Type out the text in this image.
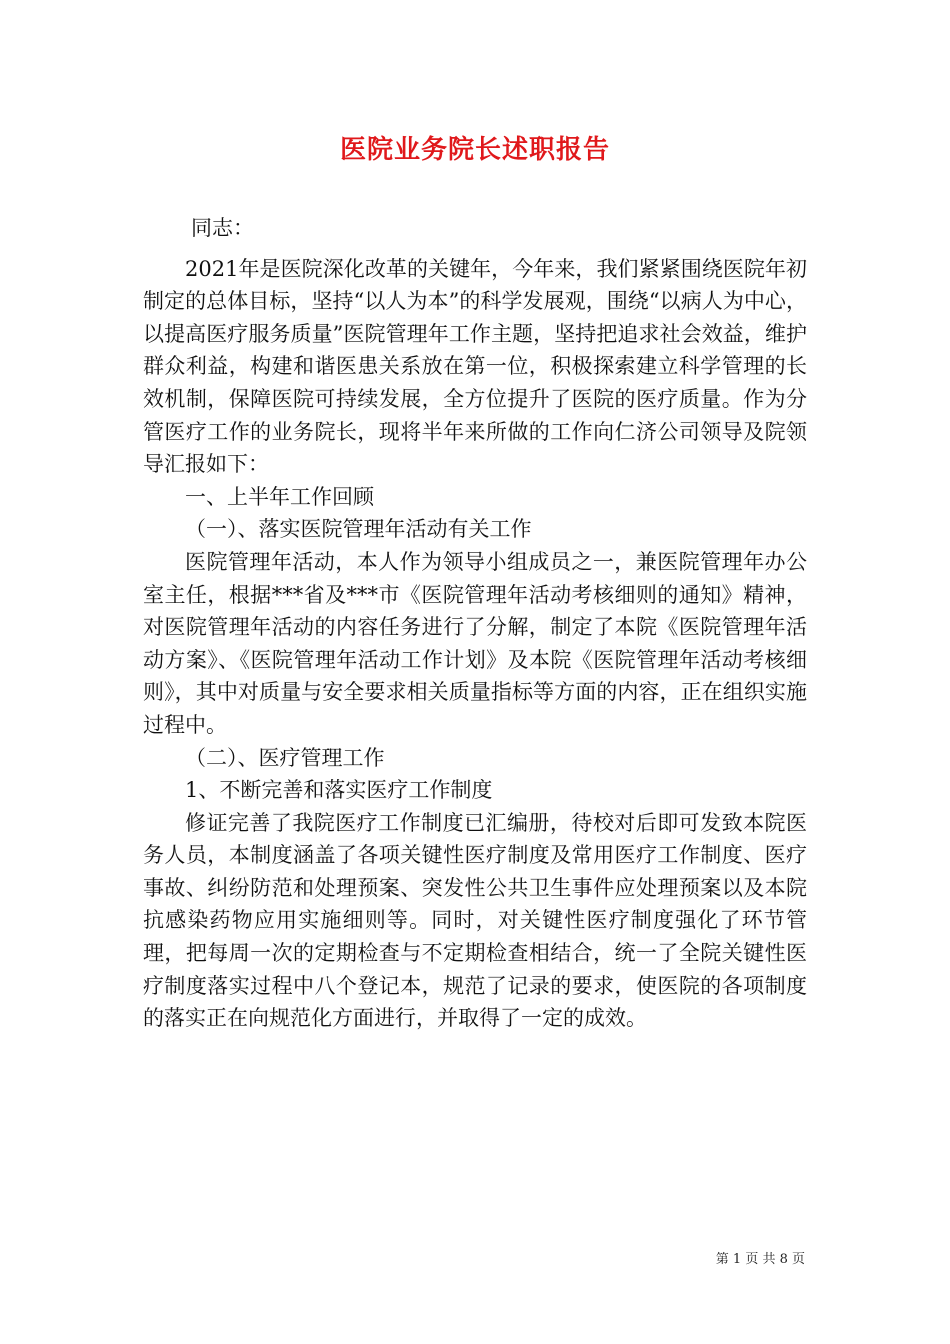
医院业务院长述职报告

同志：

2021年是医院深化改革的关键年，今年来，我们紧紧围绕医院年初制定的总体目标，坚持“以人为本”的科学发展观，围绕“以病人为中心，以提高医疗服务质量”医院管理年工作主题，坚持把追求社会效益，维护群众利益，构建和谐医患关系放在第一位，积极探索建立科学管理的长效机制，保障医院可持续发展，全方位提升了医院的医疗质量。作为分管医疗工作的业务院长，现将半年来所做的工作向仁济公司领导及院领导汇报如下：

一、上半年工作回顾

（一）、落实医院管理年活动有关工作

医院管理年活动，本人作为领导小组成员之一，兼医院管理年办公室主任，根据***省及***市《医院管理年活动考核细则的通知》精神，对医院管理年活动的内容任务进行了分解，制定了本院《医院管理年活动方案》、《医院管理年活动工作计划》及本院《医院管理年活动考核细则》，其中对质量与安全要求相关质量指标等方面的内容，正在组织实施过程中。

（二）、医疗管理工作

1、不断完善和落实医疗工作制度

修证完善了我院医疗工作制度已汇编册，待校对后即可发致本院医务人员，本制度涵盖了各项关键性医疗制度及常用医疗工作制度、医疗事故、纠纷防范和处理预案、突发性公共卫生事件应处理预案以及本院抗感染药物应用实施细则等。同时，对关键性医疗制度强化了环节管理，把每周一次的定期检查与不定期检查相结合，统一了全院关键性医疗制度落实过程中八个登记本，规范了记录的要求，使医院的各项制度的落实正在向规范化方面进行，并取得了一定的成效。

第 1 页 共 8 页
